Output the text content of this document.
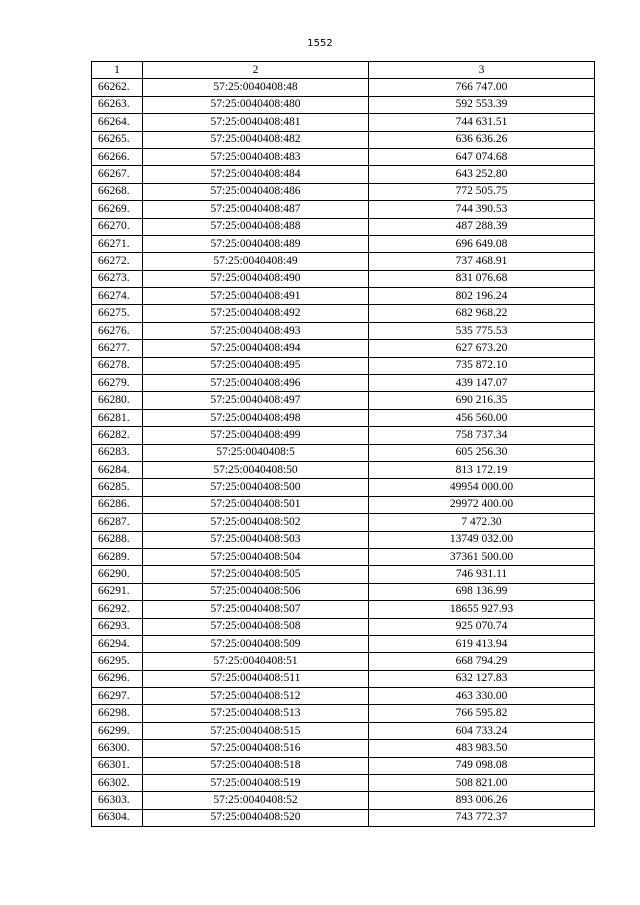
1552
1	2	3
66262.	57:25:0040408:48	766 747.00
66263.	57:25:0040408:480	592 553.39
66264.	57:25:0040408:481	744 631.51
66265.	57:25:0040408:482	636 636.26
66266.	57:25:0040408:483	647 074.68
66267.	57:25:0040408:484	643 252.80
66268.	57:25:0040408:486	772 505.75
66269.	57:25:0040408:487	744 390.53
66270.	57:25:0040408:488	487 288.39
66271.	57:25:0040408:489	696 649.08
66272.	57:25:0040408:49	737 468.91
66273.	57:25:0040408:490	831 076.68
66274.	57:25:0040408:491	802 196.24
66275.	57:25:0040408:492	682 968.22
66276.	57:25:0040408:493	535 775.53
66277.	57:25:0040408:494	627 673.20
66278.	57:25:0040408:495	735 872.10
66279.	57:25:0040408:496	439 147.07
66280.	57:25:0040408:497	690 216.35
66281.	57:25:0040408:498	456 560.00
66282.	57:25:0040408:499	758 737.34
66283.	57:25:0040408:5	605 256.30
66284.	57:25:0040408:50	813 172.19
66285.	57:25:0040408:500	49954 000.00
66286.	57:25:0040408:501	29972 400.00
66287.	57:25:0040408:502	7 472.30
66288.	57:25:0040408:503	13749 032.00
66289.	57:25:0040408:504	37361 500.00
66290.	57:25:0040408:505	746 931.11
66291.	57:25:0040408:506	698 136.99
66292.	57:25:0040408:507	18655 927.93
66293.	57:25:0040408:508	925 070.74
66294.	57:25:0040408:509	619 413.94
66295.	57:25:0040408:51	668 794.29
66296.	57:25:0040408:511	632 127.83
66297.	57:25:0040408:512	463 330.00
66298.	57:25:0040408:513	766 595.82
66299.	57:25:0040408:515	604 733.24
66300.	57:25:0040408:516	483 983.50
66301.	57:25:0040408:518	749 098.08
66302.	57:25:0040408:519	508 821.00
66303.	57:25:0040408:52	893 006.26
66304.	57:25:0040408:520	743 772.37
